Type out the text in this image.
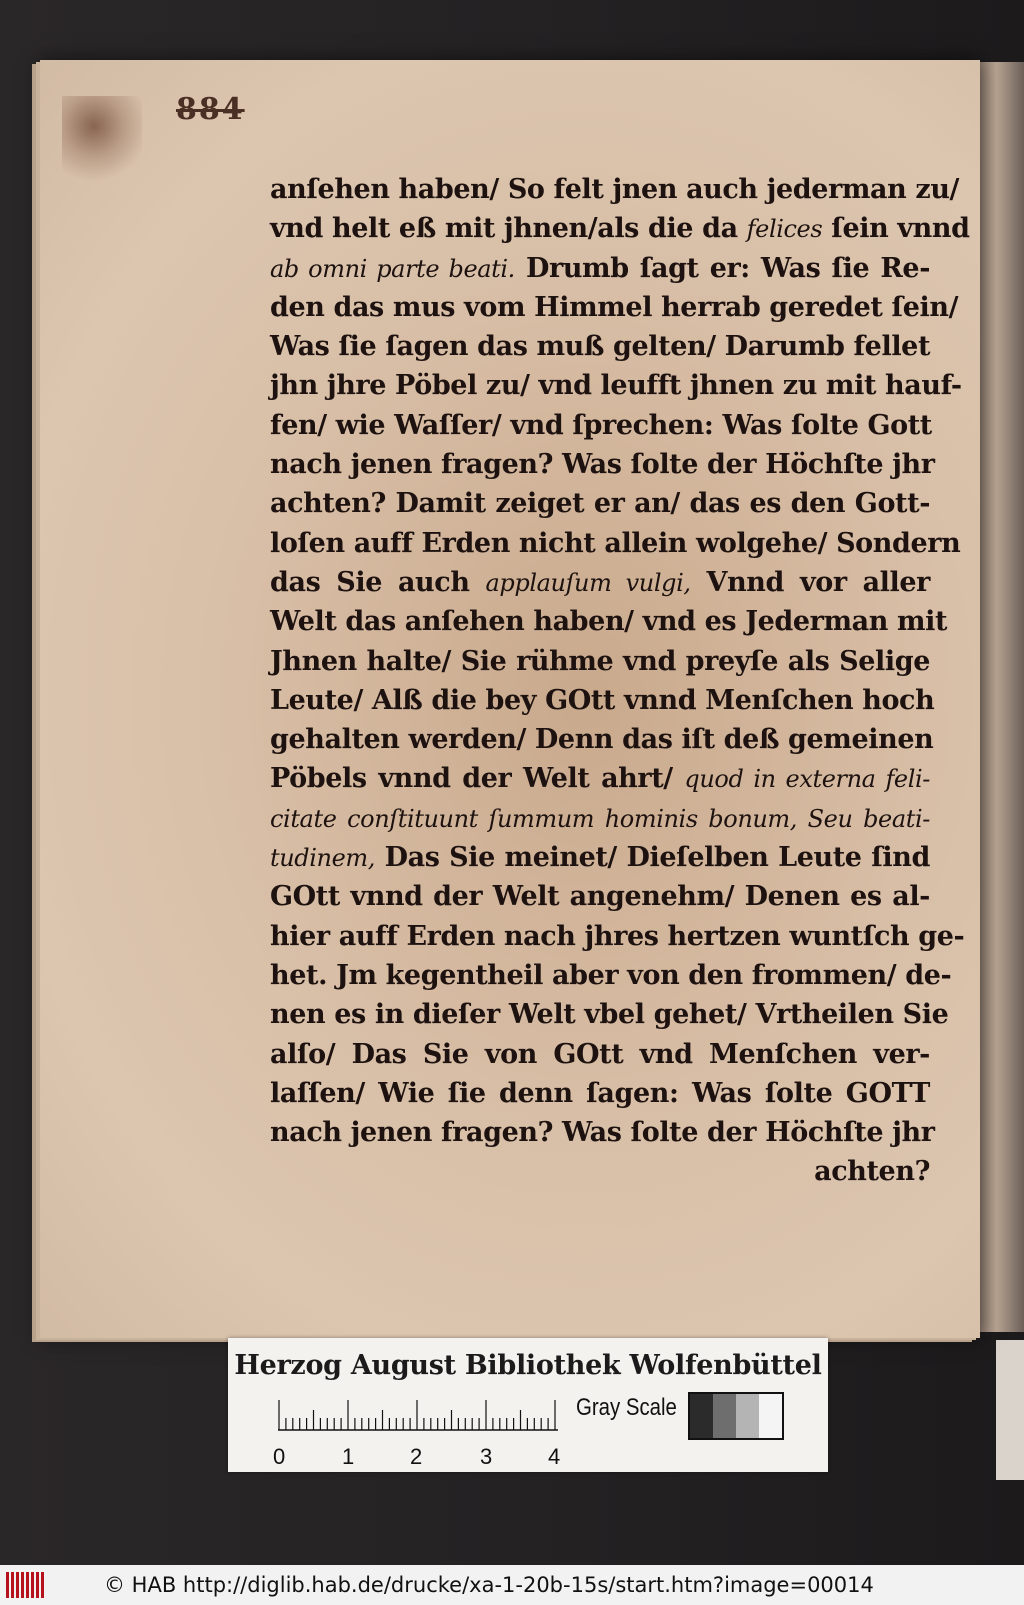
884
anſehen haben/ So felt jnen auch jederman zu/
vnd helt eß mit jhnen/als die da felices ſein vnnd
ab omni parte beati. Drumb ſagt er: Was ſie Re-
den das mus vom Himmel herrab geredet ſein/
Was ſie ſagen das muß gelten/ Darumb fellet
jhn jhre Pöbel zu/ vnd leufft jhnen zu mit hauf-
fen/ wie Waſſer/ vnd ſprechen: Was ſolte Gott
nach jenen fragen? Was ſolte der Höchſte jhr
achten? Damit zeiget er an/ das es den Gott-
loſen auff Erden nicht allein wolgehe/ Sondern
das Sie auch applauſum vulgi, Vnnd vor aller
Welt das anſehen haben/ vnd es Jederman mit
Jhnen halte/ Sie rühme vnd preyſe als Selige
Leute/ Alß die bey GOtt vnnd Menſchen hoch
gehalten werden/ Denn das iſt deß gemeinen
Pöbels vnnd der Welt ahrt/ quod in externa feli-
citate conſtituunt ſummum hominis bonum, Seu beati-
tudinem, Das Sie meinet/ Dieſelben Leute ſind
GOtt vnnd der Welt angenehm/ Denen es al-
hier auff Erden nach jhres hertzen wuntſch ge-
het. Jm kegentheil aber von den frommen/ de-
nen es in dieſer Welt vbel gehet/ Vrtheilen Sie
alſo/ Das Sie von GOtt vnd Menſchen ver-
laſſen/ Wie ſie denn ſagen: Was ſolte GOTT
nach jenen fragen? Was ſolte der Höchſte jhr
achten?
Herzog August Bibliothek Wolfenbüttel
0	1	2	3	4
Gray Scale
© HAB http://diglib.hab.de/drucke/xa-1-20b-15s/start.htm?image=00014
